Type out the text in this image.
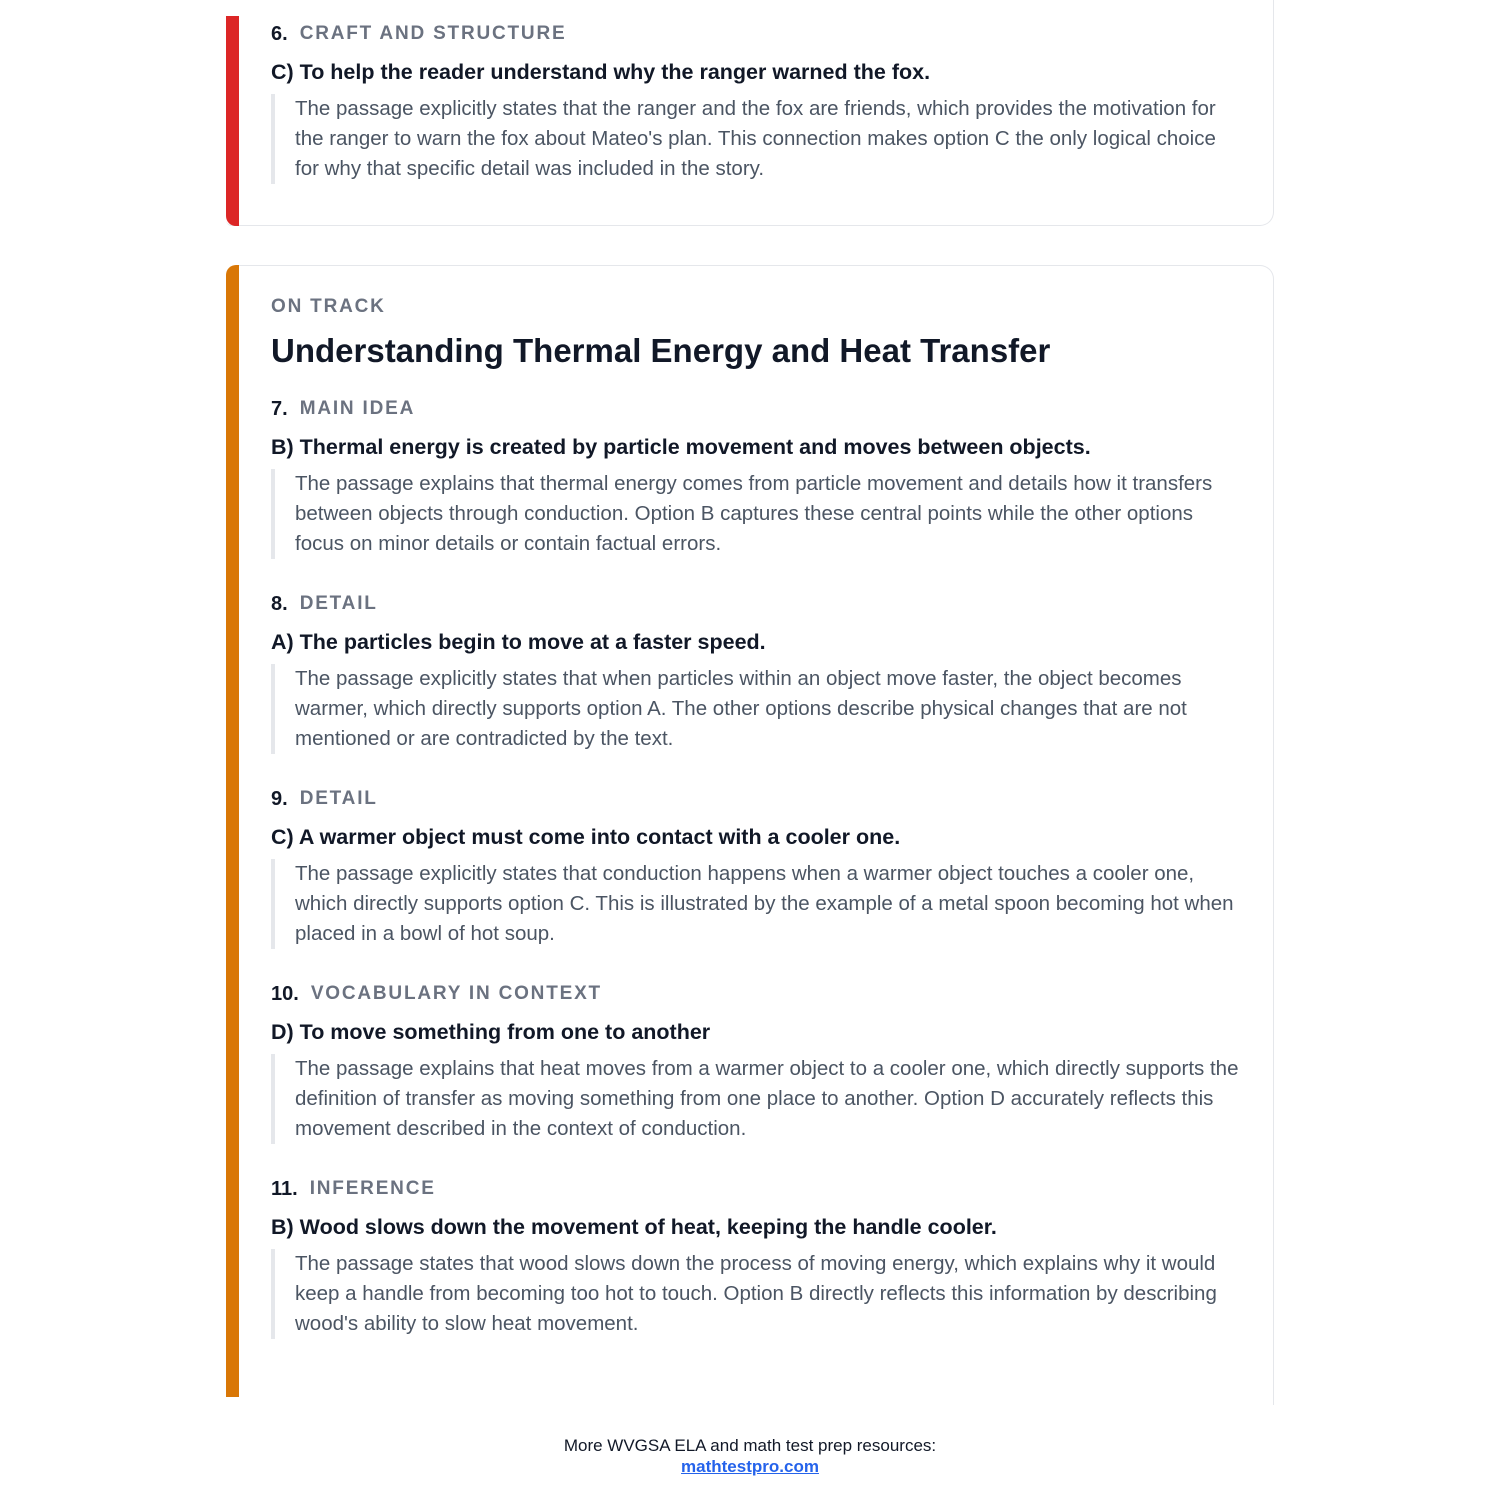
6. CRAFT AND STRUCTURE
C) To help the reader understand why the ranger warned the fox.
The passage explicitly states that the ranger and the fox are friends, which provides the motivation for the ranger to warn the fox about Mateo's plan. This connection makes option C the only logical choice for why that specific detail was included in the story.
ON TRACK
Understanding Thermal Energy and Heat Transfer
7. MAIN IDEA
B) Thermal energy is created by particle movement and moves between objects.
The passage explains that thermal energy comes from particle movement and details how it transfers between objects through conduction. Option B captures these central points while the other options focus on minor details or contain factual errors.
8. DETAIL
A) The particles begin to move at a faster speed.
The passage explicitly states that when particles within an object move faster, the object becomes warmer, which directly supports option A. The other options describe physical changes that are not mentioned or are contradicted by the text.
9. DETAIL
C) A warmer object must come into contact with a cooler one.
The passage explicitly states that conduction happens when a warmer object touches a cooler one, which directly supports option C. This is illustrated by the example of a metal spoon becoming hot when placed in a bowl of hot soup.
10. VOCABULARY IN CONTEXT
D) To move something from one to another
The passage explains that heat moves from a warmer object to a cooler one, which directly supports the definition of transfer as moving something from one place to another. Option D accurately reflects this movement described in the context of conduction.
11. INFERENCE
B) Wood slows down the movement of heat, keeping the handle cooler.
The passage states that wood slows down the process of moving energy, which explains why it would keep a handle from becoming too hot to touch. Option B directly reflects this information by describing wood's ability to slow heat movement.
More WVGSA ELA and math test prep resources:
mathtestpro.com
